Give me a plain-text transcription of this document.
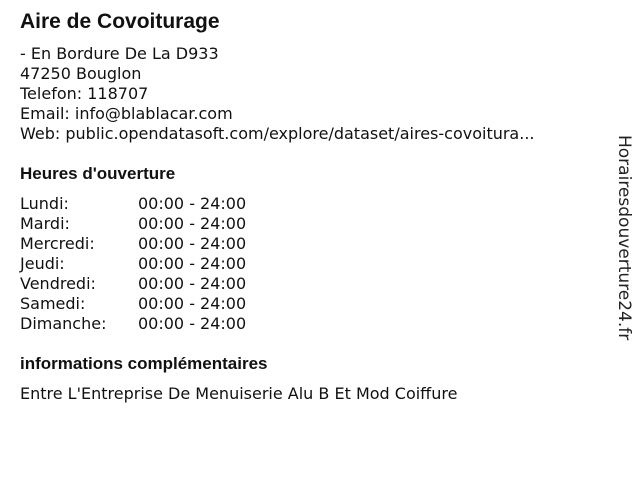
Aire de Covoiturage
- En Bordure De La D933
47250 Bouglon
Telefon: 118707
Email: info@blablacar.com
Web: public.opendatasoft.com/explore/dataset/aires-covoitura...
Heures d'ouverture
Lundi:	00:00 - 24:00
Mardi:	00:00 - 24:00
Mercredi:	00:00 - 24:00
Jeudi:	00:00 - 24:00
Vendredi:	00:00 - 24:00
Samedi:	00:00 - 24:00
Dimanche:	00:00 - 24:00
informations complémentaires
Entre L'Entreprise De Menuiserie Alu B Et Mod Coiffure
Horairesdouverture24.fr
